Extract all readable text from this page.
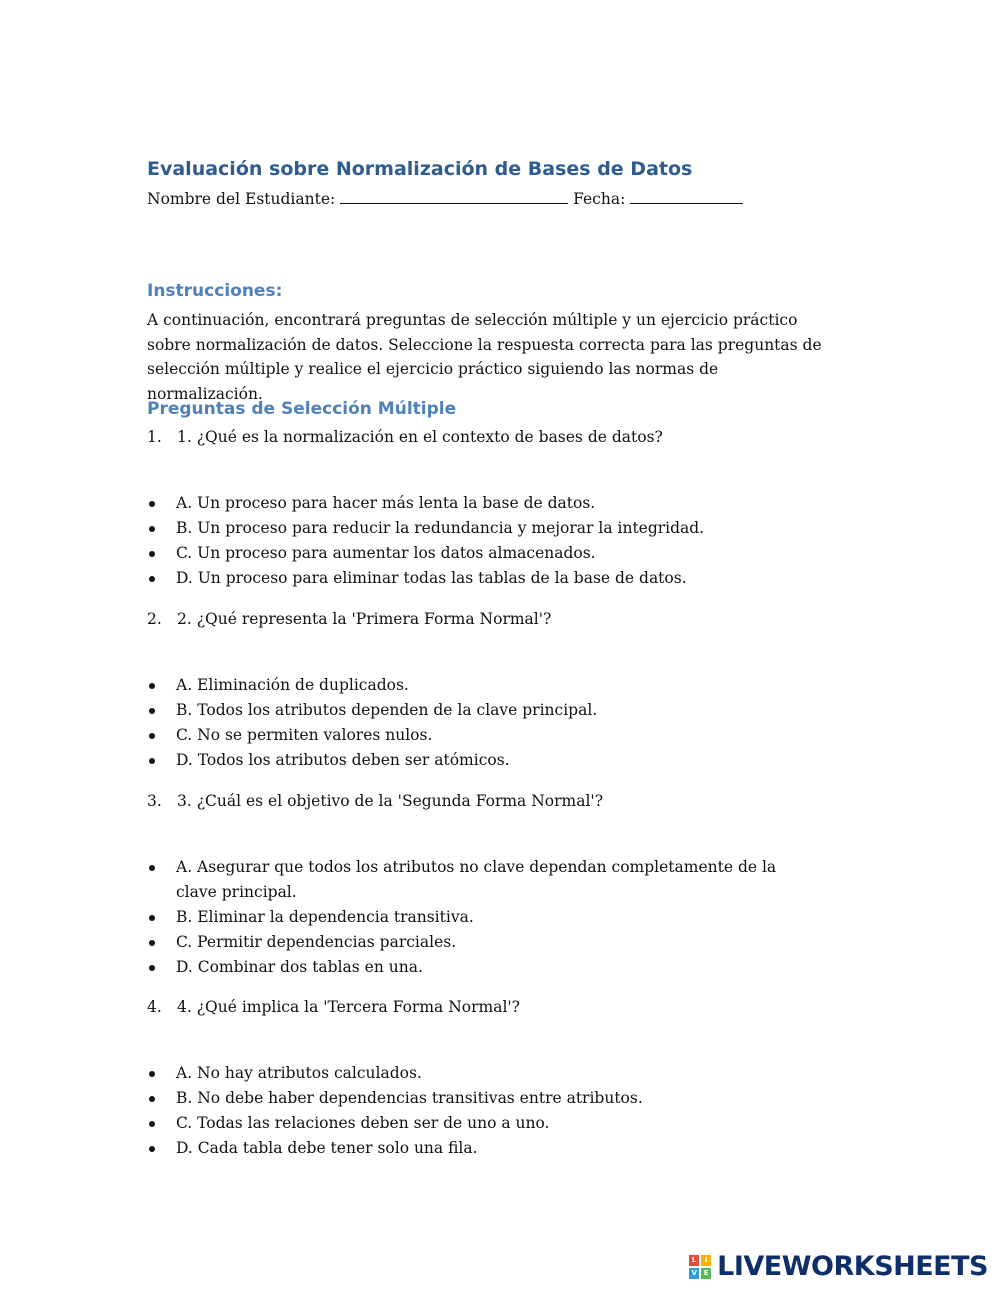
Evaluación sobre Normalización de Bases de Datos
Nombre del Estudiante:	Fecha:
Instrucciones:

A continuación, encontrará preguntas de selección múltiple y un ejercicio práctico sobre normalización de datos. Seleccione la respuesta correcta para las preguntas de selección múltiple y realice el ejercicio práctico siguiendo las normas de normalización.

Preguntas de Selección Múltiple
1. 1. ¿Qué es la normalización en el contexto de bases de datos?
A. Un proceso para hacer más lenta la base de datos.
B. Un proceso para reducir la redundancia y mejorar la integridad.
C. Un proceso para aumentar los datos almacenados.
D. Un proceso para eliminar todas las tablas de la base de datos.
2. 2. ¿Qué representa la 'Primera Forma Normal'?
A. Eliminación de duplicados.
B. Todos los atributos dependen de la clave principal.
C. No se permiten valores nulos.
D. Todos los atributos deben ser atómicos.
3. 3. ¿Cuál es el objetivo de la 'Segunda Forma Normal'?
A. Asegurar que todos los atributos no clave dependan completamente de la clave principal.
B. Eliminar la dependencia transitiva.
C. Permitir dependencias parciales.
D. Combinar dos tablas en una.
4. 4. ¿Qué implica la 'Tercera Forma Normal'?
A. No hay atributos calculados.
B. No debe haber dependencias transitivas entre atributos.
C. Todas las relaciones deben ser de uno a uno.
D. Cada tabla debe tener solo una fila.
L	I
V E LIVEWORKSHEETS
